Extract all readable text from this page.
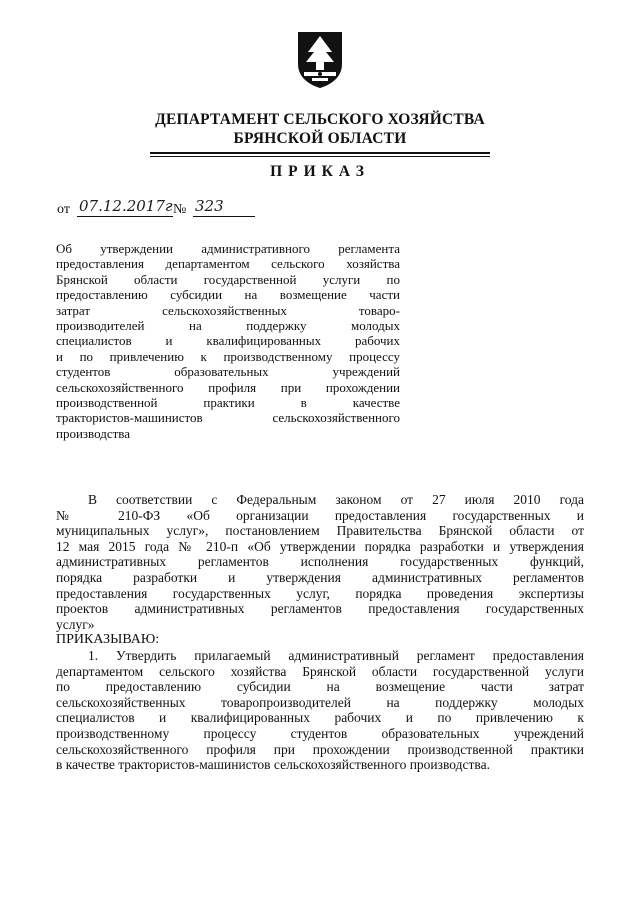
ДЕПАРТАМЕНТ СЕЛЬСКОГО ХОЗЯЙСТВА
БРЯНСКОЙ ОБЛАСТИ
ПРИКАЗ
от 07.12.2017г № 323
Об утверждении административного регламента
предоставления департаментом сельского хозяйства
Брянской области государственной услуги по
предоставлению субсидии на возмещение части
затрат сельскохозяйственных товаро-
производителей на поддержку молодых
специалистов и квалифицированных рабочих
и по привлечению к производственному процессу
студентов образовательных учреждений
сельскохозяйственного профиля при прохождении
производственной практики в качестве
трактористов-машинистов сельскохозяйственного
производства
В соответствии с Федеральным законом от 27 июля 2010 года
№ 210-ФЗ «Об организации предоставления государственных и
муниципальных услуг», постановлением Правительства Брянской области от
12 мая 2015 года № 210-п «Об утверждении порядка разработки и утверждения
административных регламентов исполнения государственных функций,
порядка разработки и утверждения административных регламентов
предоставления государственных услуг, порядка проведения экспертизы
проектов административных регламентов предоставления государственных
услуг»
ПРИКАЗЫВАЮ:
1. Утвердить прилагаемый административный регламент предоставления
департаментом сельского хозяйства Брянской области государственной услуги
по предоставлению субсидии на возмещение части затрат
сельскохозяйственных товаропроизводителей на поддержку молодых
специалистов и квалифицированных рабочих и по привлечению к
производственному процессу студентов образовательных учреждений
сельскохозяйственного профиля при прохождении производственной практики
в качестве трактористов-машинистов сельскохозяйственного производства.
